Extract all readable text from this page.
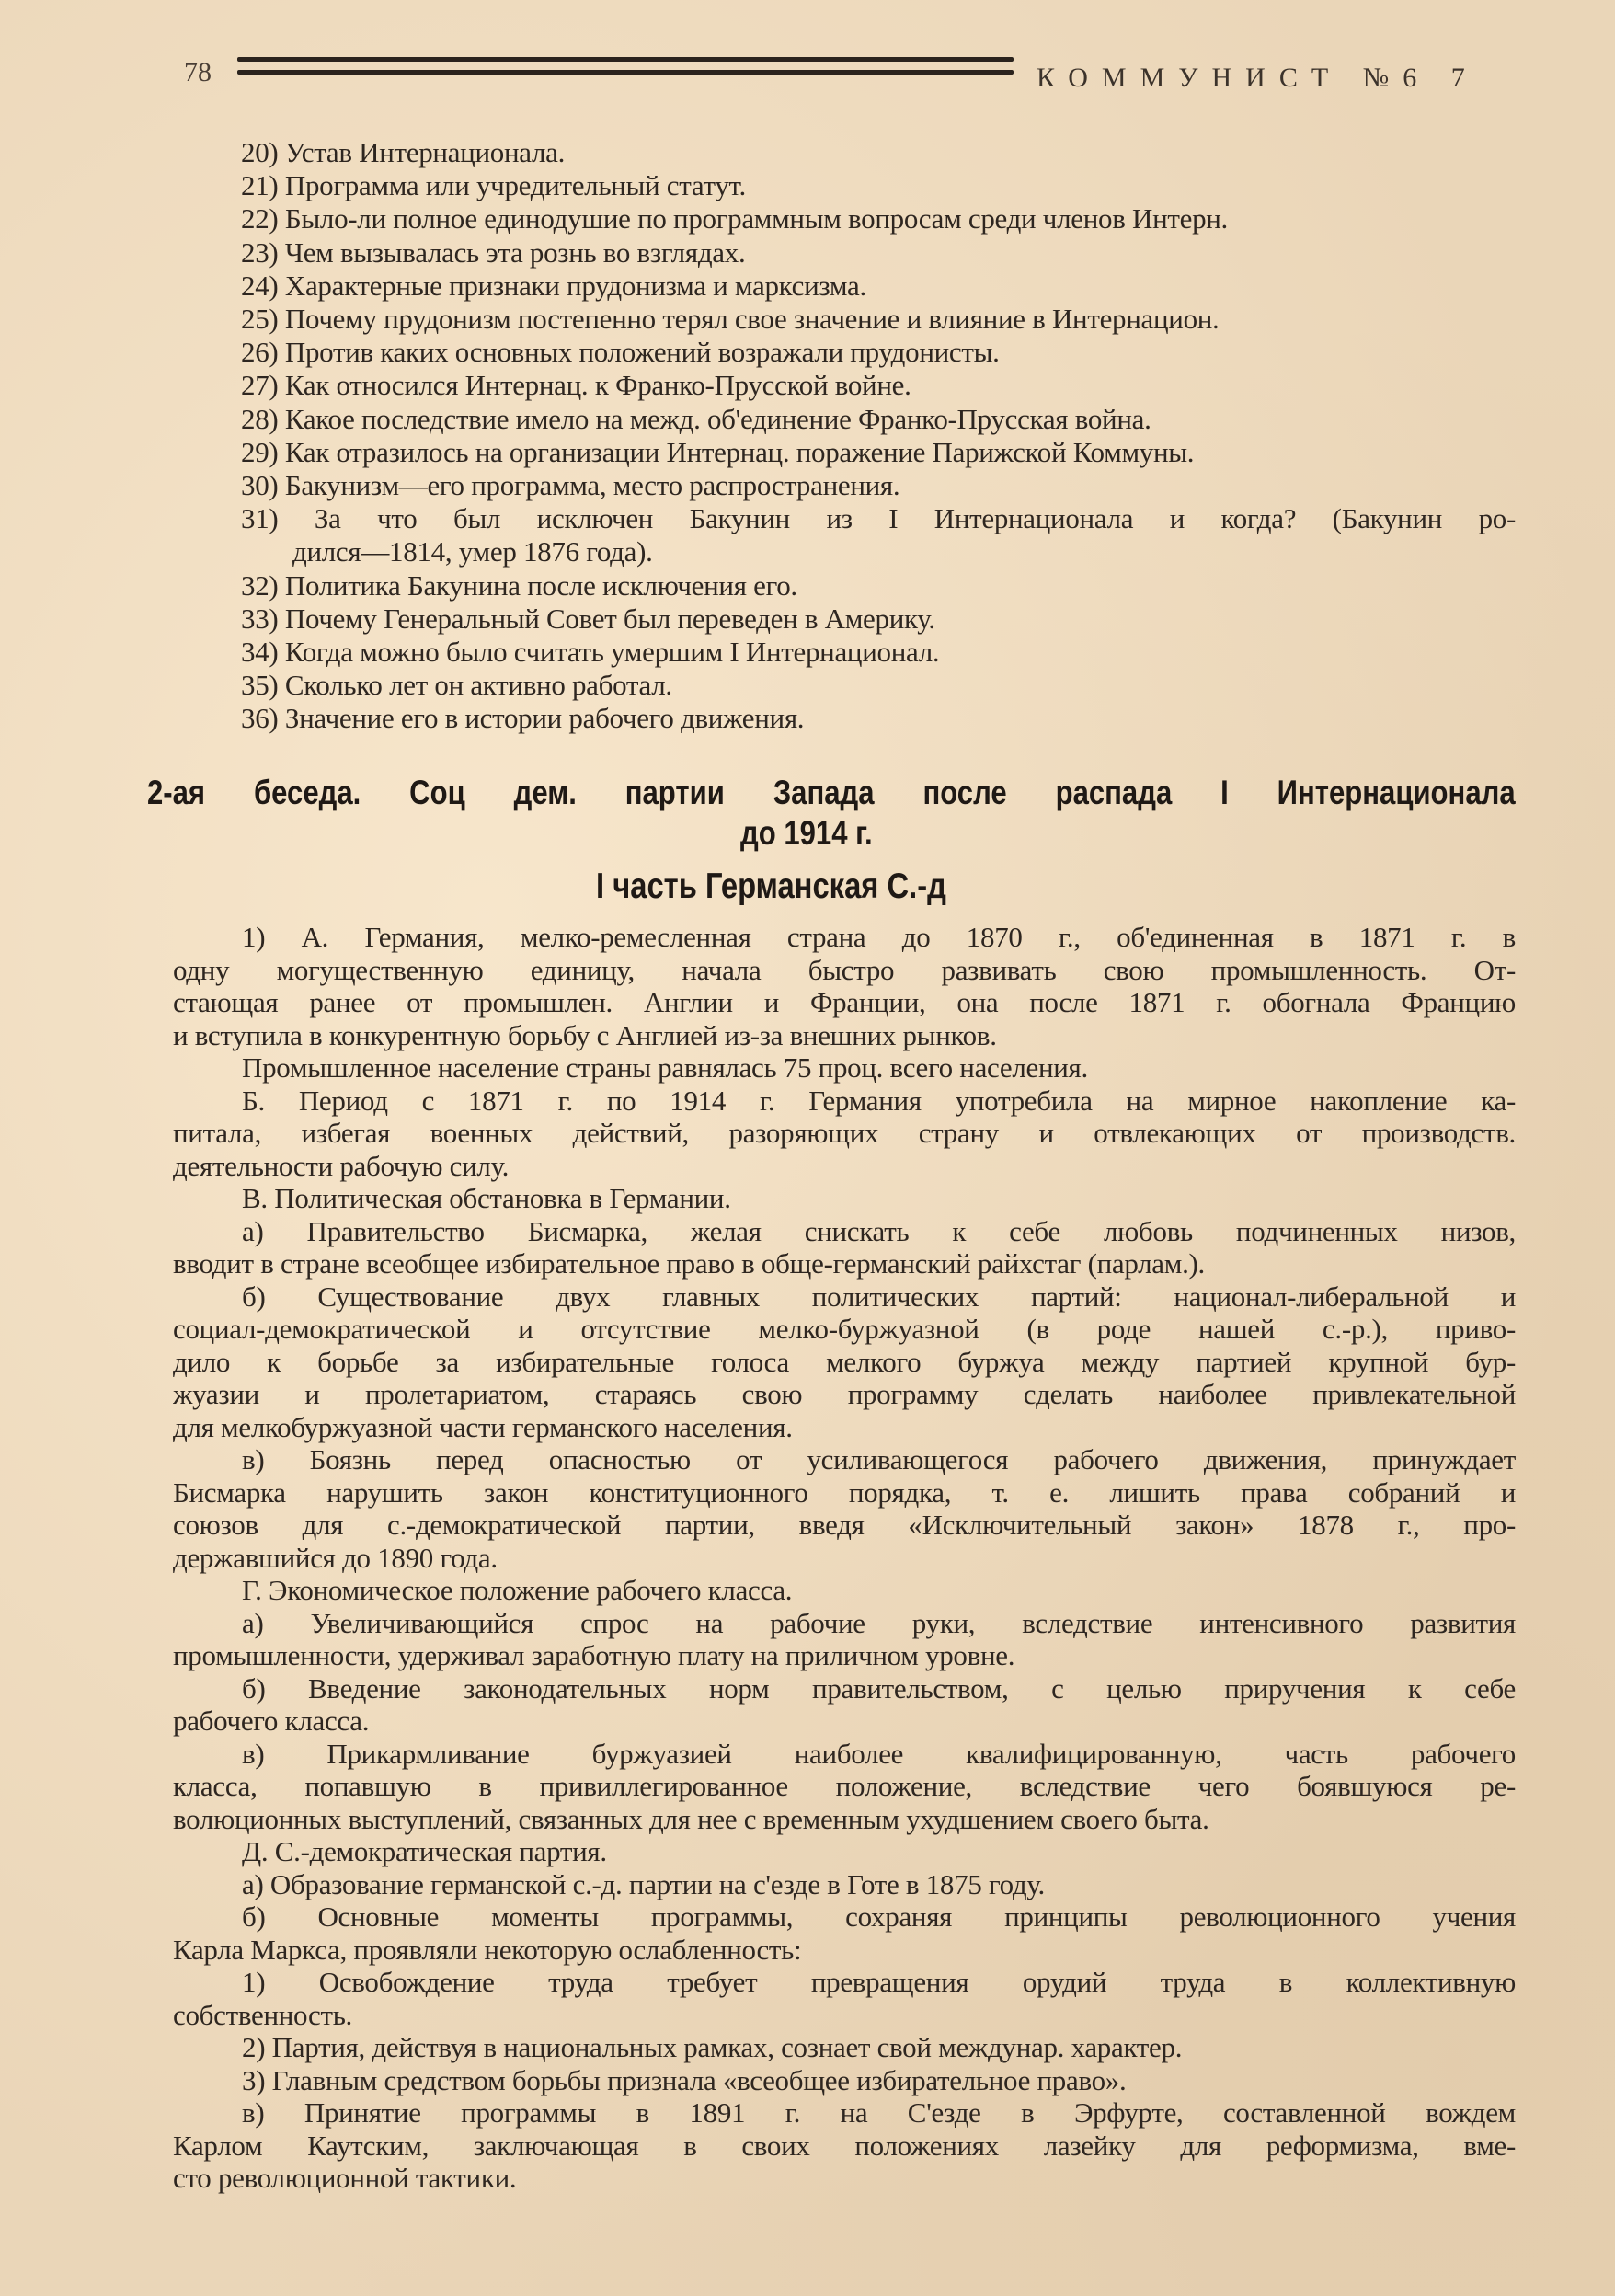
78	КОММУНИСТ №6 7
20) Устав Интернационала.
21) Программа или учредительный статут.
22) Было-ли полное единодушие по программным вопросам среди членов Интерн.
23) Чем вызывалась эта рознь во взглядах.
24) Характерные признаки прудонизма и марксизма.
25) Почему прудонизм постепенно терял свое значение и влияние в Интернацион.
26) Против каких основных положений возражали прудонисты.
27) Как относился Интернац. к Франко-Прусской войне.
28) Какое последствие имело на межд. об'единение Франко-Прусская война.
29) Как отразилось на организации Интернац. поражение Парижской Коммуны.
30) Бакунизм—его программа, место распространения.
31) За что был исключен Бакунин из I Интернационала и когда? (Бакунин ро-
дился—1814, умер 1876 года).
32) Политика Бакунина после исключения его.
33) Почему Генеральный Совет был переведен в Америку.
34) Когда можно было считать умершим I Интернационал.
35) Сколько лет он активно работал.
36) Значение его в истории рабочего движения.
2-ая беседа. Соц дем. партии Запада после распада I Интернационала
до 1914 г.
I часть Германская С.-д
1) А. Германия, мелко-ремесленная страна до 1870 г., об'единенная в 1871 г. в
одну могущественную единицу, начала быстро развивать свою промышленность. От-
стающая ранее от промышлен. Англии и Франции, она после 1871 г. обогнала Францию
и вступила в конкурентную борьбу с Англией из-за внешних рынков.
Промышленное население страны равнялась 75 проц. всего населения.
Б. Период с 1871 г. по 1914 г. Германия употребила на мирное накопление ка-
питала, избегая военных действий, разоряющих страну и отвлекающих от производств.
деятельности рабочую силу.
В. Политическая обстановка в Германии.
а) Правительство Бисмарка, желая снискать к себе любовь подчиненных низов,
вводит в стране всеобщее избирательное право в обще-германский райхстаг (парлам.).
б) Существование двух главных политических партий: национал-либеральной и
социал-демократической и отсутствие мелко-буржуазной (в роде нашей с.-р.), приво-
дило к борьбе за избирательные голоса мелкого буржуа между партией крупной бур-
жуазии и пролетариатом, стараясь свою программу сделать наиболее привлекательной
для мелкобуржуазной части германского населения.
в) Боязнь перед опасностью от усиливающегося рабочего движения, принуждает
Бисмарка нарушить закон конституционного порядка, т. е. лишить права собраний и
союзов для с.-демократической партии, введя «Исключительный закон» 1878 г., про-
державшийся до 1890 года.
Г. Экономическое положение рабочего класса.
а) Увеличивающийся спрос на рабочие руки, вследствие интенсивного развития
промышленности, удерживал заработную плату на приличном уровне.
б) Введение законодательных норм правительством, с целью приручения к себе
рабочего класса.
в) Прикармливание буржуазией наиболее квалифицированную, часть рабочего
класса, попавшую в привиллегированное положение, вследствие чего боявшуюся ре-
волюционных выступлений, связанных для нее с временным ухудшением своего быта.
Д. С.-демократическая партия.
а) Образование германской с.-д. партии на с'езде в Готе в 1875 году.
б) Основные моменты программы, сохраняя принципы революционного учения
Карла Маркса, проявляли некоторую ослабленность:
1) Освобождение труда требует превращения орудий труда в коллективную
собственность.
2) Партия, действуя в национальных рамках, сознает свой междунар. характер.
3) Главным средством борьбы признала «всеобщее избирательное право».
в) Принятие программы в 1891 г. на С'езде в Эрфурте, составленной вождем
Карлом Каутским, заключающая в своих положениях лазейку для реформизма, вме-
сто революционной тактики.
